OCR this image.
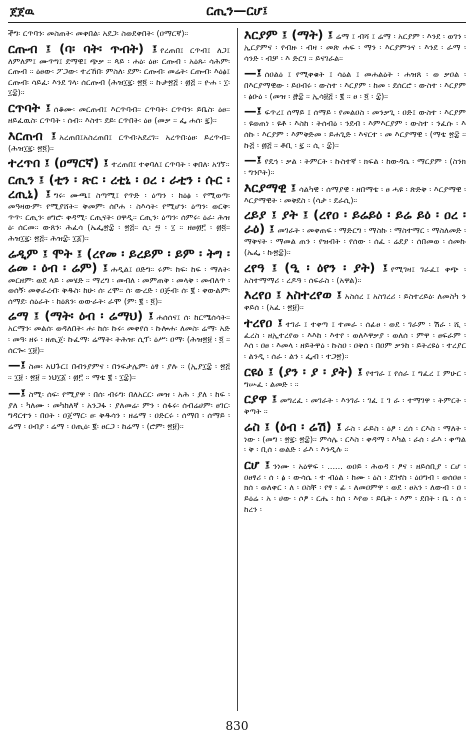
ጀጀዉ	ርጢን—ርሆ፤
ችግ፡ ርጥባን፡ መስጠት፡ መቀበል፡ አደጋ፡ ስወደቀበት፡ (ዐማርኛ)።
ርጡብ ፤ (ባ፡ ባት፡ ጥብት) ፤ የረጠበ፤ ርጥብ፤ ለጋ፤ ለምለም፤ ሙጥግ፤ ደማዊ፤ ጭቃ ። ጳይ ፡ ሐዕ፡ ዕፀ፡ ርጡብ ፡ አዕጹ፡ ሳሕም፡ ርጡብ ። ዕፀው፡ ፖጋው፡ ተረኸበ፡ ምስለ፡ ደም፡ ርጡብ፡ መሬት፡ ርጡብ፡ እዕፅ፤ ርጡብ፡ ሳይፈ፡ እንደ ገላ፡ ሰርጡብ (ሕዝ፲፯፡ ፳፬ ። ኩታ፳፭ ፡ ፴፭ ። ዮሐ ፡ ፲፡ ፲፰)።
ርጥባት ፤ ሰቆሙ፡ መርጠብ፤ እርጥባብ። ርጥባት፡ ርጥባን፡ ይቤስ፡ ዕፀ። ዘይፈዉስ፡ ርጥባት ፡ ሰብ። እስተ፡ ደይ፡ ርጥበት፡ ዕፀ (መቃ ። ፌ ሐሰ፡ ፯)።
እርጠብ ፤ አረጠበ፤አስረጠበ፤ ርጥብ፡አደረገ። አረጥበ፡ዕፀ፡ ይረጥብ። (ሕዝ፲፯፡ ፳፬)።
ተረጥበ ፤ (ዐማርኛ) ፤ ተረጠበ፤ ተቀባለ፤ ርጥባት ፡ ቀበለ፡ አገኘ።
ርጢን ፤ (ቲን ፡ ጽር ፡ ረቲኒ ፡ ዐረ ፡ ራቲን ፡ ሱር ፡ ረጢኒ) ፤ ግሩ፡ ሙጫ፤ ስጣሚ፤ የጥድ ፡ ዕጣን ፡ ከዕፅ ፡ የሚወጣ፡ መዓዛውም፡ የሚያሸት። ቅመም፡ ሰቦሐ ፡ ስእሳት፡ የሚሆን፡ ዕጣን፡ ወርቅ፡ ጥጥ፡ ርጢን፡ ፀግሮ፡ ቀዳሚ፡ ርጢናት፡ ዐዋዲ። ርጢን፡ ዕጣን፡ ሰምሩ፡ ዕራ፡ ሕዝ ዕ፡ ሰርመ። ውጸን፡ ሕፈሳ (ኤፌ፳፰ ፡ ፳፭። ሲ፡ ፵ ፡ ፲ ። ዘፀ፴፫ ፡ ፴፬። ሕዝ፲፯፡ ፳፭። ሕዝ፰፡ ፲፩)።
ሬዲም ፤ ሞት ፤ (ረየመ ፡ ይረይም ፡ ይም ፡ ትግ ፡ ሬመ ፡ ዕብ ፡ ሬም) ፤ ሐዲል፤ ዐድግ። ሩም፡ ከፍ፡ ከፍ ፡ ማለት፡ መርዘም፡ ወደ ላይ ፡ መሄድ ። ማረግ ፡ መብለ ፡ መምጠቅ ፡ መላቅ ፡ መብለጥ ፡ ወሰኝ፡ መቀራረብ፡ ቅዱስ፡ ከሁ፡ ሰ፡ ረሞ። ሰ፡ ውረድ ፡ ዐጅብ፡ ሰ፡ ፪ ፡ ቀውልም፡ ሰማደ፡ ሰዕራት ፡ ከዕጸን፡ ወውራት፡ ራሞ (ም፡ ፪ ፡ ፬)።
ሬማ ፤ (ማት፡ ዕብ ፡ ሬማህ) ፤ ሐሰሰና፤ ሰ፡ ከርሜሰሳት። አርማን፡ መልሰ፡ ወዳለበት፡ ሐ፡ ከሰ፡ ኩሩ፡ መቀየሰ ፡ ኩሎሐ፡ ለመስ፡ ሬማ፡ አድ ፡ መዓ፡ ዘሩ ፡ ዘጢጀ፡ ኩፈማ፡ ሬማት፡ ትሕዝ፡ ሲፕ፡ ዕሥ፡ ዐማ፡ (ሕዝ፳፱ ፡ ፬ ። ሰርጐ፡ ፲፱)።
—፤ ስመ፡ አህጉር፤ በብንያምና ፡ በንፍታሌም፡ ዕፃ ፡ ያሉ ። (ኢያ፲፰ ፡ ፳፭ ። ፲፱ ፡ ፳፱ ። ነህ፲፩ ፡ ፴፫ ። ማቴ ፪ ፡ ፲፰)።
—፤ ስሚ፡ ሰፍ፡ የሚያዋ ፡ በሰ፡ ብሩግ፡ በለአርር፡ መዝ ፡ አሕ ፡ ያለ ፡ ከፍ ፡ ያለ ፡ ካለሙ ፡ መካከለኛ ፡ አንጋፋ ፡ ያለመሬ፡ ምን ፡ ሰፋሩ፡ ሰብሬሀም፡ ፀገር፡ ግዳርተን ፡ በዐት ፡ ዐጀማር፡ ፀ፡ ቅዱሳን ፡ ዘሬማ ፡ ዐድርሩ ፡ ሰማበ ፡ ሰማይ ፡ ሬማ ፡ ዐብያ ፡ ሬማ ፡ ዐጢዕ፡ ፪፡ ፀርጋ ፡ ከሬማ ፡ (ሮም፡ ፳፱)።
እርያም ፤ (ማት) ፤ ሬማ ፤ ብሻ ፤ ሬማ ፡ አርያም ፡ እንደ ፡ ወገን ፡ ኢርያምና ፡ የብዙ ፡ ብዛ ፡ መጽ ሐፍ ፡ ማን ፡ እርያምንና ፡ እንደ ፡ ራማ ፡ ሳንድ ፡ ብቻ ፡ እ ድርገ ። ይናገራል።
—፤ ሰዐልዕ ፤ የሚቀቁት ፤ ሳዕል ፤ መሐልዕት ፡ ሐዝጸ ፡ ወ ቃዐል ፡ በእርያማዊው ፡ ይዐብሩ ፡ ውስተ ፡ እርያም ፡ ከመ ፡ ደሰርሮ ፡ ውስተ ፡ እርያም ፡ ፅዑዕ ፡ (መዝ ፡ ፸፰ ። ኢሳ፱፭ ፡ ፪ ። ፀ ፡ ፬ ፡ ፰)።
—፤ ፍጥረ፤ ሰማይ ፤ ሰማይ ፡ የመልዐስ ፡ መንቃጊ ፡ ዐድ፤ ውስተ ፡ እርያም ፡ ዩወጠነ ፡ ዩቶ ፡ እስከ ፡ ትሰብዕ ፡ ንደብ ፡ እምእርያም ፡ ውስተ ፡ ንፈሱ ፡ እ ሰኩ ፡ እርያም ፡ እምቅድመ ፡ ይሐጊድ ፡ እናርተ ፡ መ እርያማዊ ፡ (ማቴ ፳፰ ። ኩ፭ ፡ ፴፭ ። ቶቢ ፡ ፯ ። ሲ ፡ ፰)።
—፤ የዴኅ ፡ ቃል ፡ ትምርት ፡ ኩስተኛ ፡ ክፍል ፡ ከውዳሴ ፡ ማርያም ፡ (ስንክ ፡ ግንቦት)።
እርያማዊ ፤ ሳልካዊ ፡ ሰማያዊ ፡ ዘበማቴ ፡ ፀ ሓዩ ፡ ጽድቅ ፡ እርያማዊ ፡ እርያማዊት ፡ መቅደስ ፡ (ሳታ ፡ ደራሲ)።
ረይያ ፤ ያት ፤ (ረየዐ ፡ ይሬይዕ ፡ ይሬ ይዕ ፡ ዐረ ፡ ራዕ) ፤ መገራት ፡ መቀጠፍ ፡ ማድርግ ፡ ማስኩ ፡ ማስተማር ፡ ማስለመድ ፡ ማቅናት ፡ ማመል ጠን ፡ የዝብት ፡ የሰው ፡ ሰፈ ፡ ሬደያ ፡ ሰበመወ ፡ ሰመኩ (ኤፌ ፡ ኩ፳፰)።
ረየዓ ፤ (ዒ ፡ ዕየን ፡ ያት) ፤ የሚገዛ፤ ገራፈ፤ ቀጭ ፡ አስተማማሪ ፡ ረዶዓ ፡ ሰፍራስ ፡ (አዋል)።
እረየዐ ፤ አስተረየወ ፤ አስሰረ ፤ አስገረሪ ፡ ይስተረይዕ፡ ለመስካ ን ቀይሰ ፡ (አፈ ፡ ፳፱)።
ተረየዐ ፤ ተገራ ፤ ተቀጣ ፤ ተመራ ፡ ሰፊፀ ፡ ወደ ፡ ገራም ፡ ሽራ ፡ ሺ ፡ ፈረስ ፡ ዘኢተረየወ ፡ እእከ ፡ እተየ ፡ ወለእዋቃያ ፡ ወለሰ ፡ ምዋ ፡ ፀፍራም ፡ እሰ ፡ ዐፀ ፡ እመላ ፡ ዘይትዋዕ ፡ ኩስዐ ፡ ዐቅሰ ፡ በዐም ቃንከ ፡ ይትረዩዕ ፡ ተረያር ፡ ልንዲ ፡ ሰራ ፡ ልን ፡ ፌብ ፡ ተጋ፳)።
ርዩዕ ፤ (ያን ፡ ያ ፡ ያት) ፤ የተገራ ፤ የሰራ ፤ ግፈረ ፤ ምሁር ፡ ግሡፈ ፡ ልመድ ፡ ።
ርያዋ ፤ መግረፈ ፡ መገራት ፡ እንገራ ፡ ገፈ ፤ ገ ራ ፡ ተማገዋ ፡ ትምርት ፡ ቅጣት ።
ሬስ ፤ (ዕብ ፡ ሬሽ) ፤ ራስ ፡ ራይስ ፡ ዕፆ ፡ ረሰ ፡ ርእስ ፡ ማለት ፡ ነው ፡ (መግ ፡ ፳፯፡ ፳፰)። ምሳሌ ፡ ርእስ ፡ ቀዳማ ፡ እካል ፡ ራሰ ፡ ራእ ፡ ቀጣል ፡ ቅ ፡ ቢሰ ፡ ወልድ ፡ ራእ ፡ እንዲሉ ።
ርሆ ፤ ንነሙ ፡ አዕዋፍ ፡ ...... ወዐይ ፡ ሕወዳ ፡ ፆና ፡ ዘይሰቢያ ፡ ርሆ ፡ ዐፀፃሪ ፡ ሰ ፡ ፅ ፡ ውሳሴ ፡ ተ ብዕል ፡ ከሙ ፡ ዕስ ፡ ደገኖስ ፡ ዕዐግብ ፡ ወሰዐፀ ፡ ክሰ ፡ ወለቀር ፡ ለ ፡ ዐስቸ ፡ የፃ ፡ ፊ ፡ ለመዐምዋ ፡ ወደ ፡ ፀአን ፡ ለውብ ፡ ዐ ፡ ይዕሬ ፡ አ ፡ ሀው ፡ ሶፆ ፡ ርሔ ፡ ከሰ ፡ እየወ ፡ ይቤት ፡ እም ፡ ደበት ፡ ቤ ፡ ሰ ፡ ከረን ፡
830
